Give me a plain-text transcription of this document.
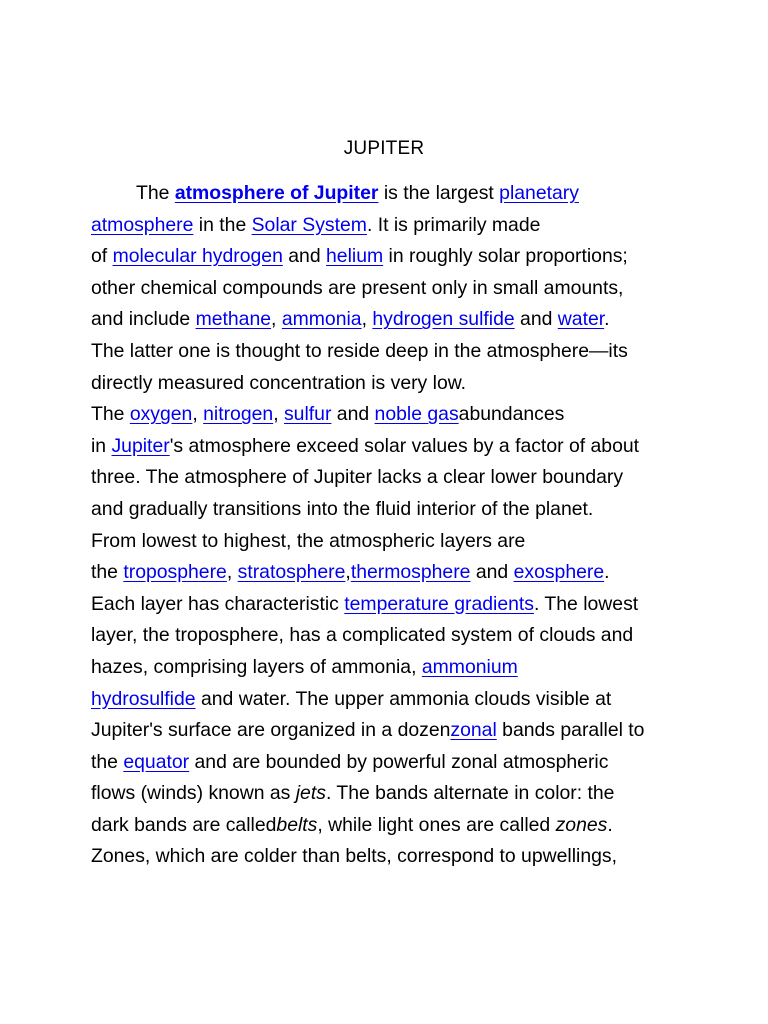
JUPITER
The atmosphere of Jupiter is the largest planetary
atmosphere in the Solar System. It is primarily made
of molecular hydrogen and helium in roughly solar proportions;
other chemical compounds are present only in small amounts,
and include methane, ammonia, hydrogen sulfide and water.
The latter one is thought to reside deep in the atmosphere—its
directly measured concentration is very low.
The oxygen, nitrogen, sulfur and noble gasabundances
in Jupiter's atmosphere exceed solar values by a factor of about
three. The atmosphere of Jupiter lacks a clear lower boundary
and gradually transitions into the fluid interior of the planet.
From lowest to highest, the atmospheric layers are
the troposphere, stratosphere,thermosphere and exosphere.
Each layer has characteristic temperature gradients. The lowest
layer, the troposphere, has a complicated system of clouds and
hazes, comprising layers of ammonia, ammonium
hydrosulfide and water. The upper ammonia clouds visible at
Jupiter's surface are organized in a dozenzonal bands parallel to
the equator and are bounded by powerful zonal atmospheric
flows (winds) known as jets. The bands alternate in color: the
dark bands are calledbelts, while light ones are called zones.
Zones, which are colder than belts, correspond to upwellings,
